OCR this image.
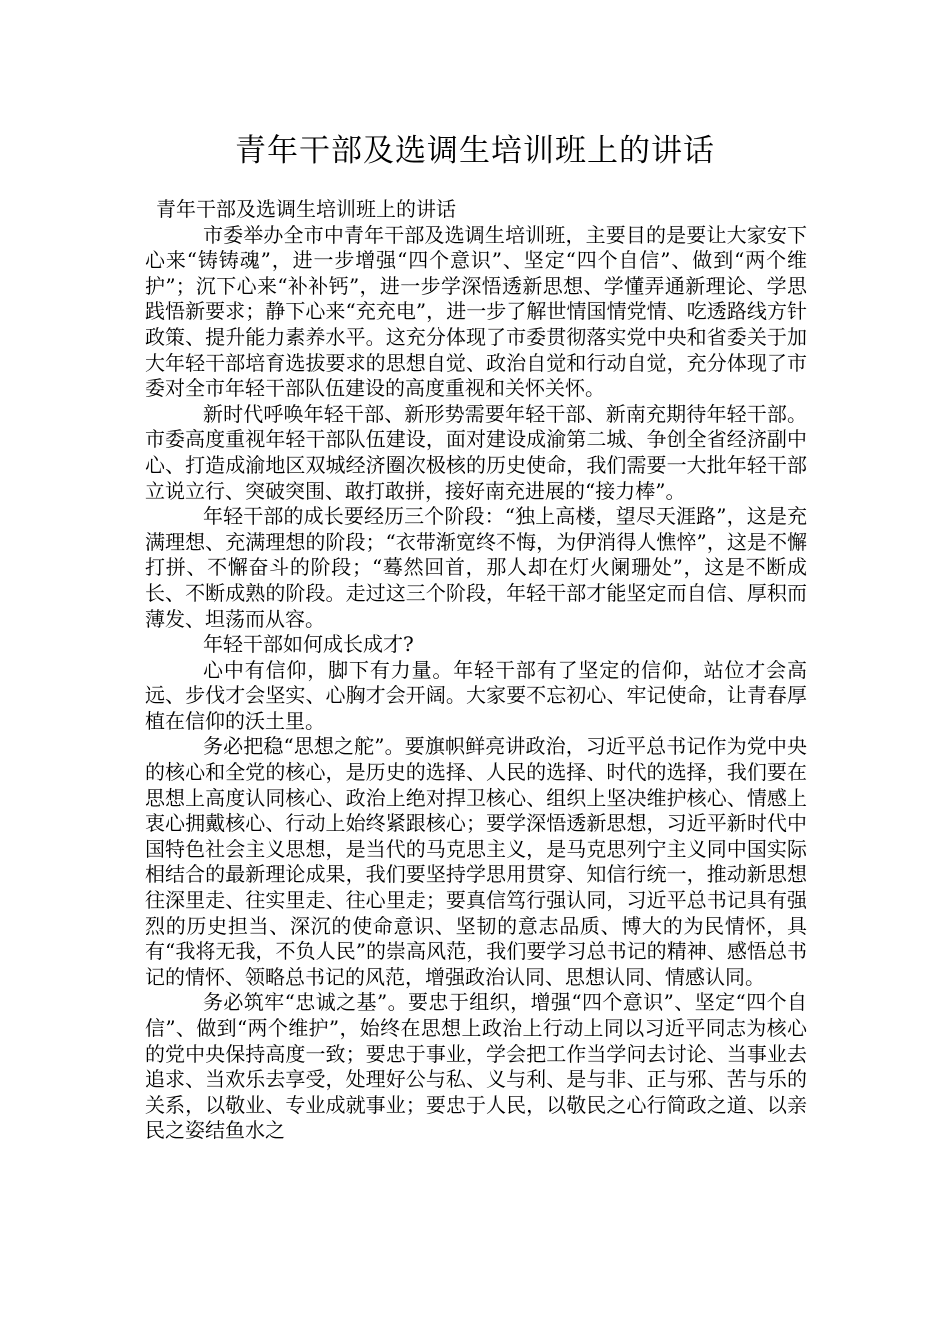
青年干部及选调生培训班上的讲话

青年干部及选调生培训班上的讲话

市委举办全市中青年干部及选调生培训班，主要目的是要让大家安下心来“铸铸魂”，进一步增强“四个意识”、坚定“四个自信”、做到“两个维护”；沉下心来“补补钙”，进一步学深悟透新思想、学懂弄通新理论、学思践悟新要求；静下心来“充充电”，进一步了解世情国情党情、吃透路线方针政策、提升能力素养水平。这充分体现了市委贯彻落实党中央和省委关于加大年轻干部培育选拔要求的思想自觉、政治自觉和行动自觉，充分体现了市委对全市年轻干部队伍建设的高度重视和关怀关怀。

新时代呼唤年轻干部、新形势需要年轻干部、新南充期待年轻干部。市委高度重视年轻干部队伍建设，面对建设成渝第二城、争创全省经济副中心、打造成渝地区双城经济圈次极核的历史使命，我们需要一大批年轻干部立说立行、突破突围、敢打敢拼，接好南充进展的“接力棒”。

年轻干部的成长要经历三个阶段：“独上高楼，望尽天涯路”，这是充满理想、充满理想的阶段；“衣带渐宽终不悔，为伊消得人憔悴”，这是不懈打拼、不懈奋斗的阶段；“蓦然回首，那人却在灯火阑珊处”，这是不断成长、不断成熟的阶段。走过这三个阶段，年轻干部才能坚定而自信、厚积而薄发、坦荡而从容。

年轻干部如何成长成才?

心中有信仰，脚下有力量。年轻干部有了坚定的信仰，站位才会高远、步伐才会坚实、心胸才会开阔。大家要不忘初心、牢记使命，让青春厚植在信仰的沃土里。

务必把稳“思想之舵”。要旗帜鲜亮讲政治，习近平总书记作为党中央的核心和全党的核心，是历史的选择、人民的选择、时代的选择，我们要在思想上高度认同核心、政治上绝对捍卫核心、组织上坚决维护核心、情感上衷心拥戴核心、行动上始终紧跟核心；要学深悟透新思想，习近平新时代中国特色社会主义思想，是当代的马克思主义，是马克思列宁主义同中国实际相结合的最新理论成果，我们要坚持学思用贯穿、知信行统一，推动新思想往深里走、往实里走、往心里走；要真信笃行强认同，习近平总书记具有强烈的历史担当、深沉的使命意识、坚韧的意志品质、博大的为民情怀，具有“我将无我，不负人民”的崇高风范，我们要学习总书记的精神、感悟总书记的情怀、领略总书记的风范，增强政治认同、思想认同、情感认同。

务必筑牢“忠诚之基”。要忠于组织，增强“四个意识”、坚定“四个自信”、做到“两个维护”，始终在思想上政治上行动上同以习近平同志为核心的党中央保持高度一致；要忠于事业，学会把工作当学问去讨论、当事业去追求、当欢乐去享受，处理好公与私、义与利、是与非、正与邪、苦与乐的关系，以敬业、专业成就事业；要忠于人民，以敬民之心行简政之道、以亲民之姿结鱼水之
